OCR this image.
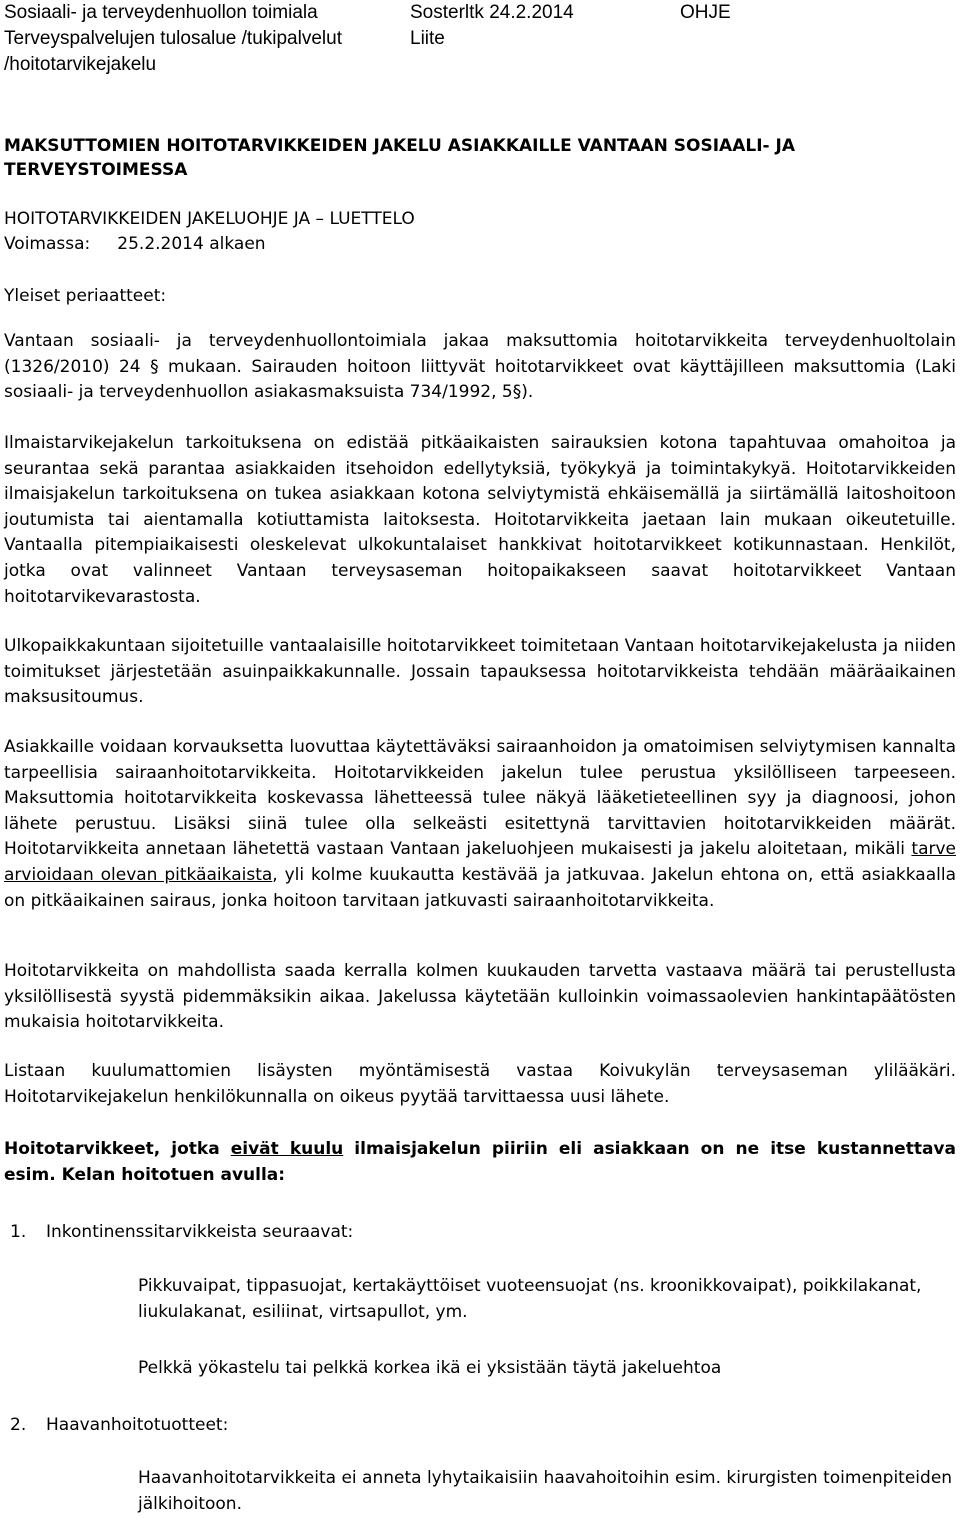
Sosiaali- ja terveydenhuollon toimiala
Terveyspalvelujen tulosalue /tukipalvelut
/hoitotarvikejakelu
Sosterltk 24.2.2014
Liite
OHJE
MAKSUTTOMIEN HOITOTARVIKKEIDEN JAKELU ASIAKKAILLE VANTAAN SOSIAALI- JA
TERVEYSTOIMESSA
HOITOTARVIKKEIDEN JAKELUOHJE JA – LUETTELO
Voimassa:     25.2.2014 alkaen
Yleiset periaatteet:

Vantaan sosiaali- ja terveydenhuollontoimiala jakaa maksuttomia hoitotarvikkeita terveydenhuoltolain (1326/2010) 24 § mukaan. Sairauden hoitoon liittyvät hoitotarvikkeet ovat käyttäjilleen maksuttomia (Laki sosiaali- ja terveydenhuollon asiakasmaksuista 734/1992, 5§).

Ilmaistarvikejakelun tarkoituksena on edistää pitkäaikaisten sairauksien kotona tapahtuvaa omahoitoa ja seurantaa sekä parantaa asiakkaiden itsehoidon edellytyksiä, työkykyä ja toimintakykyä. Hoitotarvikkeiden ilmaisjakelun tarkoituksena on tukea asiakkaan kotona selviytymistä ehkäisemällä ja siirtämällä laitoshoitoon joutumista tai aientamalla kotiuttamista laitoksesta. Hoitotarvikkeita jaetaan lain mukaan oikeutetuille. Vantaalla pitempiaikaisesti oleskelevat ulkokuntalaiset hankkivat hoitotarvikkeet kotikunnastaan. Henkilöt, jotka ovat valinneet Vantaan terveysaseman hoitopaikakseen saavat hoitotarvikkeet Vantaan hoitotarvikevarastosta.

Ulkopaikkakuntaan sijoitetuille vantaalaisille hoitotarvikkeet toimitetaan Vantaan hoitotarvikejakelusta ja niiden toimitukset järjestetään asuinpaikkakunnalle. Jossain tapauksessa hoitotarvikkeista tehdään määräaikainen maksusitoumus.

Asiakkaille voidaan korvauksetta luovuttaa käytettäväksi sairaanhoidon ja omatoimisen selviytymisen kannalta tarpeellisia sairaanhoitotarvikkeita. Hoitotarvikkeiden jakelun tulee perustua yksilölliseen tarpeeseen. Maksuttomia hoitotarvikkeita koskevassa lähetteessä tulee näkyä lääketieteellinen syy ja diagnoosi, johon lähete perustuu. Lisäksi siinä tulee olla selkeästi esitettynä tarvittavien hoitotarvikkeiden määrät. Hoitotarvikkeita annetaan lähetettä vastaan Vantaan jakeluohjeen mukaisesti ja jakelu aloitetaan, mikäli tarve arvioidaan olevan pitkäaikaista, yli kolme kuukautta kestävää ja jatkuvaa. Jakelun ehtona on, että asiakkaalla on pitkäaikainen sairaus, jonka hoitoon tarvitaan jatkuvasti sairaanhoitotarvikkeita.

Hoitotarvikkeita on mahdollista saada kerralla kolmen kuukauden tarvetta vastaava määrä tai perustellusta yksilöllisestä syystä pidemmäksikin aikaa. Jakelussa käytetään kulloinkin voimassaolevien hankintapäätösten mukaisia hoitotarvikkeita.

Listaan kuulumattomien lisäysten myöntämisestä vastaa Koivukylän terveysaseman ylilääkäri. Hoitotarvikejakelun henkilökunnalla on oikeus pyytää tarvittaessa uusi lähete.

Hoitotarvikkeet, jotka eivät kuulu ilmaisjakelun piiriin eli asiakkaan on ne itse kustannettava esim. Kelan hoitotuen avulla:

1. Inkontinenssitarvikkeista seuraavat:

Pikkuvaipat, tippasuojat, kertakäyttöiset vuoteensuojat (ns. kroonikkovaipat), poikkilakanat, liukulakanat, esiliinat, virtsapullot, ym.

Pelkkä yökastelu tai pelkkä korkea ikä ei yksistään täytä jakeluehtoa

2. Haavanhoitotuotteet:

Haavanhoitotarvikkeita ei anneta lyhytaikaisiin haavahoitoihin esim. kirurgisten toimenpiteiden jälkihoitoon.
